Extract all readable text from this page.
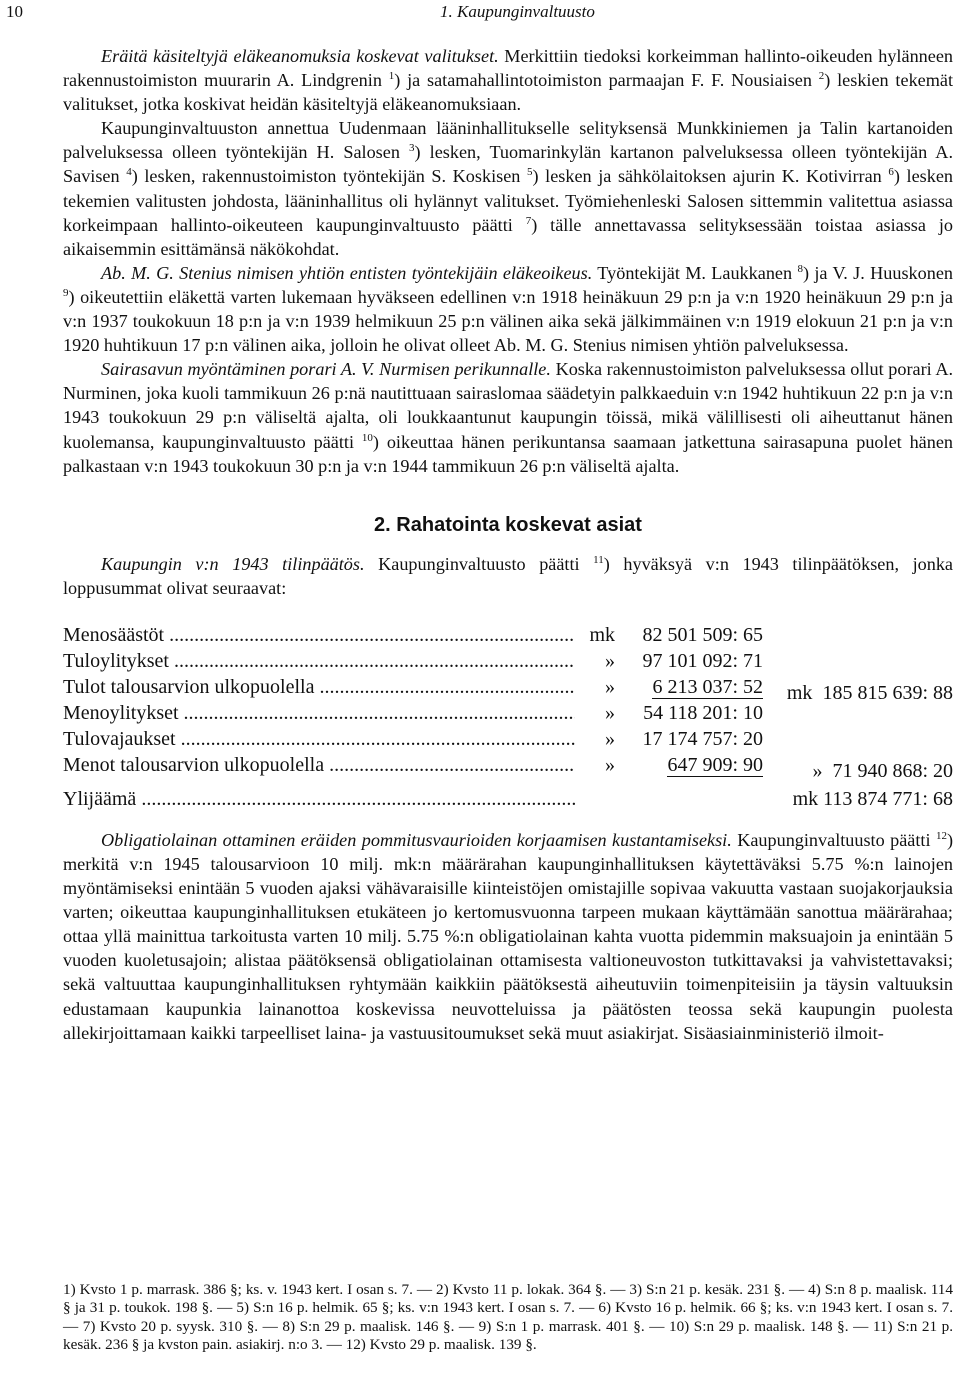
10	1. Kaupunginvaltuusto

Eräitä käsiteltyjä eläkeanomuksia koskevat valitukset. Merkittiin tiedoksi korkeimman hallinto-oikeuden hylänneen rakennustoimiston muurarin A. Lindgrenin $^1$) ja satamahallintotoimiston parmaajan F. F. Nousiaisen $^2$) leskien tekemät valitukset, jotka koskivat heidän käsiteltyjä eläkeanomuksiaan.

Kaupunginvaltuuston annettua Uudenmaan lääninhallitukselle selityksensä Munkkiniemen ja Talin kartanoiden palveluksessa olleen työntekijän H. Salosen $^3$) lesken, Tuomarinkylän kartanon palveluksessa olleen työntekijän A. Savisen $^4$) lesken, rakennustoimiston työntekijän S. Koskisen $^5$) lesken ja sähkölaitoksen ajurin K. Kotivirran $^6$) lesken tekemien valitusten johdosta, lääninhallitus oli hylännyt valitukset. Työmiehenleski Salosen sittemmin valitettua asiassa korkeimpaan hallinto-oikeuteen kaupunginvaltuusto päätti $^7$) tälle annettavassa selityksessään toistaa asiassa jo aikaisemmin esittämänsä näkökohdat.

Ab. M. G. Stenius nimisen yhtiön entisten työntekijäin eläkeoikeus. Työntekijät M. Laukkanen $^8$) ja V. J. Huuskonen $^9$) oikeutettiin eläkettä varten lukemaan hyväkseen edellinen v:n 1918 heinäkuun 29 p:n ja v:n 1920 heinäkuun 29 p:n ja v:n 1937 toukokuun 18 p:n ja v:n 1939 helmikuun 25 p:n välinen aika sekä jälkimmäinen v:n 1919 elokuun 21 p:n ja v:n 1920 huhtikuun 17 p:n välinen aika, jolloin he olivat olleet Ab. M. G. Stenius nimisen yhtiön palveluksessa.

Sairasavun myöntäminen porari A. V. Nurmisen perikunnalle. Koska rakennustoimiston palveluksessa ollut porari A. Nurminen, joka kuoli tammikuun 26 p:nä nautittuaan sairaslomaa säädetyin palkkaeduin v:n 1942 huhtikuun 22 p:n ja v:n 1943 toukokuun 29 p:n väliseltä ajalta, oli loukkaantunut kaupungin töissä, mikä välillisesti oli aiheuttanut hänen kuolemansa, kaupunginvaltuusto päätti $^{10}$) oikeuttaa hänen perikuntansa saamaan jatkettuna sairasapuna puolet hänen palkastaan v:n 1943 toukokuun 30 p:n ja v:n 1944 tammikuun 26 p:n väliseltä ajalta.

2. Rahatointa koskevat asiat

Kaupungin v:n 1943 tilinpäätös. Kaupunginvaltuusto päätti $^{11}$) hyväksyä v:n 1943 tilinpäätöksen, jonka loppusummat olivat seuraavat:

Menosäästöt .....	mk	82 501 509: 65
Tuloylitykset .....	»	97 101 092: 71
Tulot talousarvion ulkopuolella .....	»	6 213 037: 52	mk 185 815 639: 88
Menoylitykset .....	»	54 118 201: 10
Tulovajaukset .....	»	17 174 757: 20
Menot talousarvion ulkopuolella .....	»	647 909: 90	» 71 940 868: 20
Ylijäämä .....	mk 113 874 771: 68

Obligatiolainan ottaminen eräiden pommitusvaurioiden korjaamisen kustantamiseksi. Kaupunginvaltuusto päätti $^{12}$) merkitä v:n 1945 talousarvioon 10 milj. mk:n määrärahan kaupunginhallituksen käytettäväksi 5.75 %:n lainojen myöntämiseksi enintään 5 vuoden ajaksi vähävaraisille kiinteistöjen omistajille sopivaa vakuutta vastaan suojakorjauksia varten; oikeuttaa kaupunginhallituksen etukäteen jo kertomusvuonna tarpeen mukaan käyttämään sanottua määrärahaa; ottaa yllä mainittua tarkoitusta varten 10 milj. 5.75 %:n obligatiolainan kahta vuotta pidemmin maksuajoin ja enintään 5 vuoden kuoletusajoin; alistaa päätöksensä obligatiolainan ottamisesta valtioneuvoston tutkittavaksi ja vahvistettavaksi; sekä valtuuttaa kaupunginhallituksen ryhtymään kaikkiin päätöksestä aiheutuviin toimenpiteisiin ja täysin valtuuksin edustamaan kaupunkia lainanottoa koskevissa neuvotteluissa ja päätösten teossa sekä kaupungin puolesta allekirjoittamaan kaikki tarpeelliset laina- ja vastuusitoumukset sekä muut asiakirjat. Sisäasiainministeriö ilmoit-

1) Kvsto 1 p. marrask. 386 §; ks. v. 1943 kert. I osan s. 7. — 2) Kvsto 11 p. lokak. 364 §. — 3) S:n 21 p. kesäk. 231 §. — 4) S:n 8 p. maalisk. 114 § ja 31 p. toukok. 198 §. — 5) S:n 16 p. helmik. 65 §; ks. v:n 1943 kert. I osan s. 7. — 6) Kvsto 16 p. helmik. 66 §; ks. v:n 1943 kert. I osan s. 7. — 7) Kvsto 20 p. syysk. 310 §. — 8) S:n 29 p. maalisk. 146 §. — 9) S:n 1 p. marrask. 401 §. — 10) S:n 29 p. maalisk. 148 §. — 11) S:n 21 p. kesäk. 236 § ja kvston pain. asiakirj. n:o 3. — 12) Kvsto 29 p. maalisk. 139 §.
